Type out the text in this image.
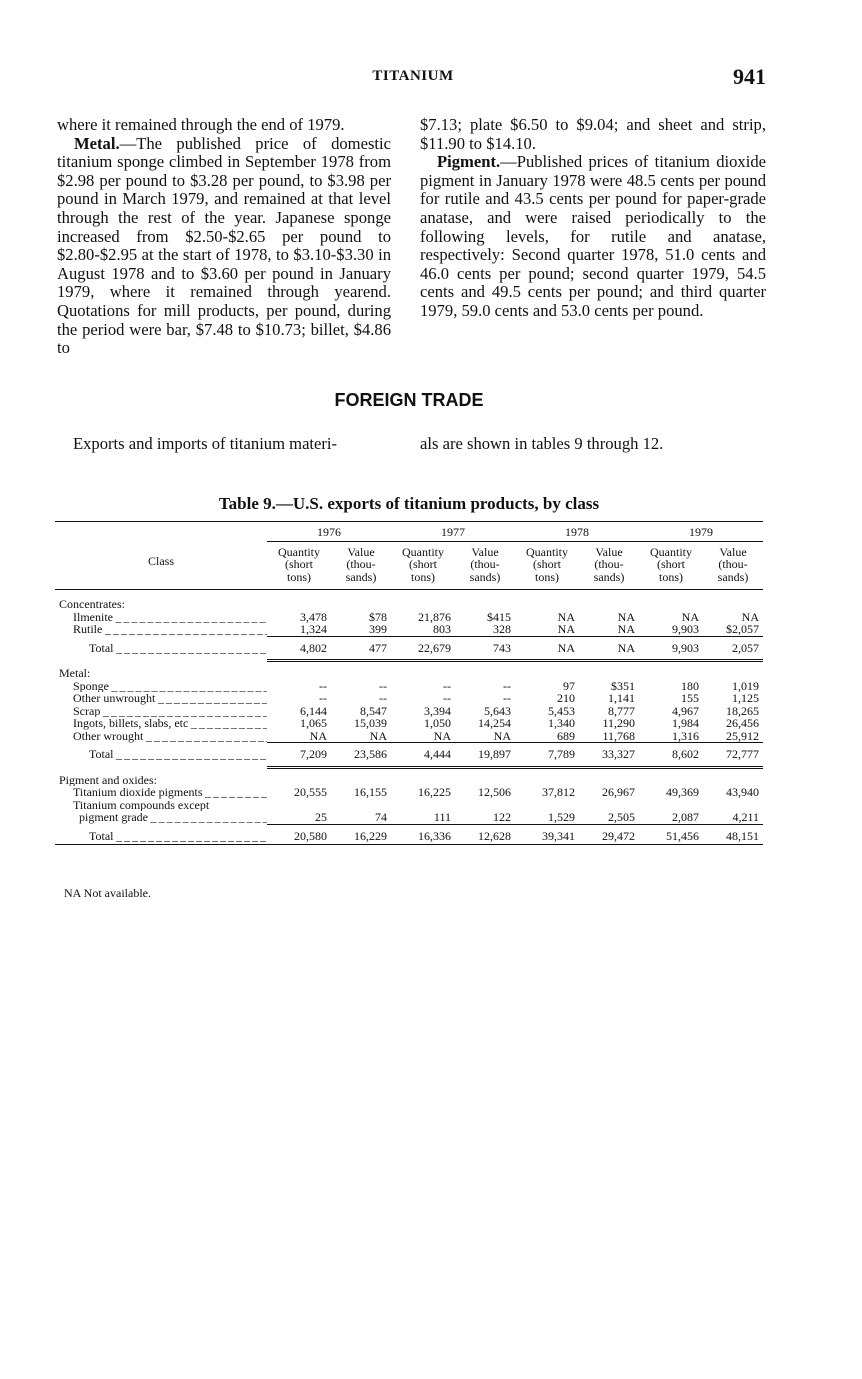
TITANIUM	941

where it remained through the end of 1979.

Metal.—The published price of domestic titanium sponge climbed in September 1978 from $2.98 per pound to $3.28 per pound, to $3.98 per pound in March 1979, and remained at that level through the rest of the year. Japanese sponge increased from $2.50-$2.65 per pound to $2.80-$2.95 at the start of 1978, to $3.10-$3.30 in August 1978 and to $3.60 per pound in January 1979, where it remained through yearend. Quotations for mill products, per pound, during the period were bar, $7.48 to $10.73; billet, $4.86 to

$7.13; plate $6.50 to $9.04; and sheet and strip, $11.90 to $14.10.

Pigment.—Published prices of titanium dioxide pigment in January 1978 were 48.5 cents per pound for rutile and 43.5 cents per pound for paper-grade anatase, and were raised periodically to the following levels, for rutile and anatase, respectively: Second quarter 1978, 51.0 cents and 46.0 cents per pound; second quarter 1979, 54.5 cents and 49.5 cents per pound; and third quarter 1979, 59.0 cents and 53.0 cents per pound.

FOREIGN TRADE
Exports and imports of titanium materi-	als are shown in tables 9 through 12.
Table 9.—U.S. exports of titanium products, by class

Class	1976		1977		1978		1979	

	Quantity
(short
tons)	Value
(thou-
sands)	Quantity
(short
tons)	Value
(thou-
sands)	Quantity
(short
tons)	Value
(thou-
sands)	Quantity
(short
tons)	Value
(thou-
sands)

Concentrates:								
Ilmenite _ _ _	3,478	$78	21,876	$415	NA	NA	NA	NA
Rutile _ _ _	1,324	399	803	328	NA	NA	9,903	$2,057

Total _ _ _	4,802	477	22,679	743	NA	NA	9,903	2,057

Metal:								
Sponge _ _ _	--	--	--	--	97	$351	180	1,019
Other unwrought _ _ _	--	--	--	--	210	1,141	155	1,125
Scrap _ _ _	6,144	8,547	3,394	5,643	5,453	8,777	4,967	18,265
Ingots, billets, slabs, etc _ _ _	1,065	15,039	1,050	14,254	1,340	11,290	1,984	26,456
Other wrought _ _ _	NA	NA	NA	NA	689	11,768	1,316	25,912

Total _ _ _	7,209	23,586	4,444	19,897	7,789	33,327	8,602	72,777

Pigment and oxides:								
Titanium dioxide pigments _ _ _	20,555	16,155	16,225	12,506	37,812	26,967	49,369	43,940
Titanium compounds except								
pigment grade _ _ _	25	74	111	122	1,529	2,505	2,087	4,211

Total _ _ _	20,580	16,229	16,336	12,628	39,341	29,472	51,456	48,151

NA Not available.
